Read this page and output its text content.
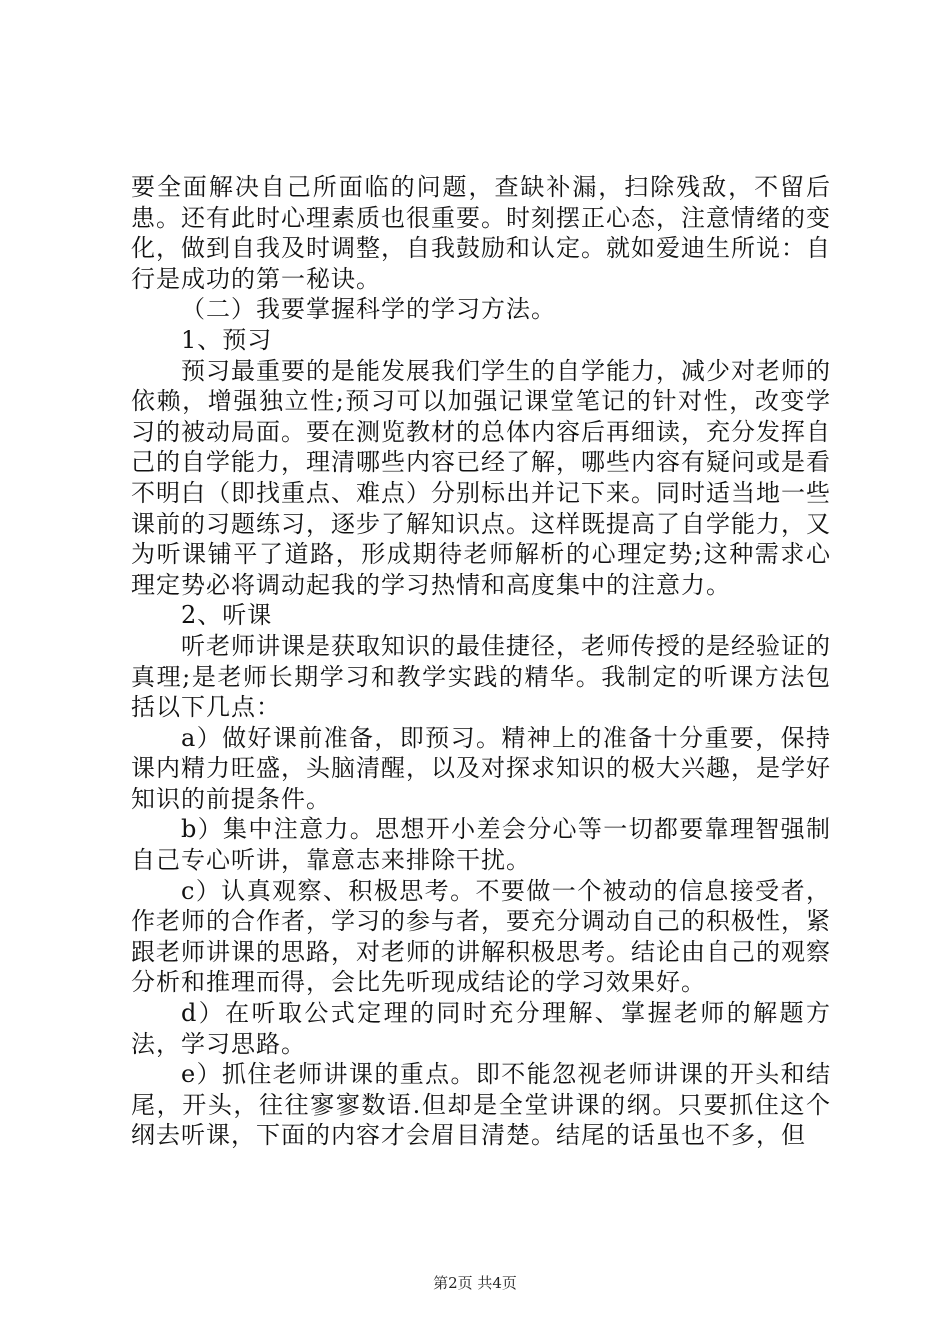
要全面解决自己所面临的问题，查缺补漏，扫除残敌，不留后患。还有此时心理素质也很重要。时刻摆正心态，注意情绪的变化，做到自我及时调整，自我鼓励和认定。就如爱迪生所说：自行是成功的第一秘诀。

（二）我要掌握科学的学习方法。

1、预习

预习最重要的是能发展我们学生的自学能力，减少对老师的依赖，增强独立性;预习可以加强记课堂笔记的针对性，改变学习的被动局面。要在测览教材的总体内容后再细读，充分发挥自己的自学能力，理清哪些内容已经了解，哪些内容有疑问或是看不明白（即找重点、难点）分别标出并记下来。同时适当地一些课前的习题练习，逐步了解知识点。这样既提高了自学能力，又为听课铺平了道路，形成期待老师解析的心理定势;这种需求心理定势必将调动起我的学习热情和高度集中的注意力。

2、听课

听老师讲课是获取知识的最佳捷径，老师传授的是经验证的真理;是老师长期学习和教学实践的精华。我制定的听课方法包括以下几点：

a）做好课前准备，即预习。精神上的准备十分重要，保持课内精力旺盛，头脑清醒，以及对探求知识的极大兴趣，是学好知识的前提条件。

b）集中注意力。思想开小差会分心等一切都要靠理智强制自己专心听讲，靠意志来排除干扰。

c）认真观察、积极思考。不要做一个被动的信息接受者，作老师的合作者，学习的参与者，要充分调动自己的积极性，紧跟老师讲课的思路，对老师的讲解积极思考。结论由自己的观察分析和推理而得，会比先听现成结论的学习效果好。

d）在听取公式定理的同时充分理解、掌握老师的解题方法，学习思路。

e）抓住老师讲课的重点。即不能忽视老师讲课的开头和结尾，开头，往往寥寥数语.但却是全堂讲课的纲。只要抓住这个纲去听课，下面的内容才会眉目清楚。结尾的话虽也不多，但

第2页 共4页
